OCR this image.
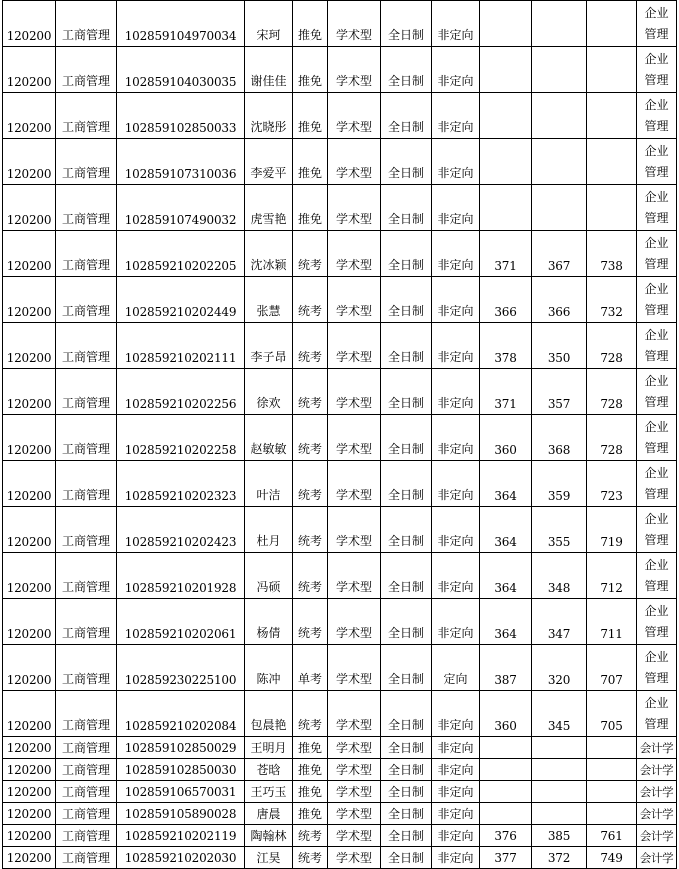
120200	工商管理	102859104970034	宋珂	推免	学术型	全日制	非定向				企业
管理

120200	工商管理	102859104030035	谢佳佳	推免	学术型	全日制	非定向				企业
管理

120200	工商管理	102859102850033	沈晓彤	推免	学术型	全日制	非定向				企业
管理

120200	工商管理	102859107310036	李爱平	推免	学术型	全日制	非定向				企业
管理

120200	工商管理	102859107490032	虎雪艳	推免	学术型	全日制	非定向				企业
管理

120200	工商管理	102859210202205	沈冰颖	统考	学术型	全日制	非定向	371	367	738	企业
管理

120200	工商管理	102859210202449	张慧	统考	学术型	全日制	非定向	366	366	732	企业
管理

120200	工商管理	102859210202111	李子昂	统考	学术型	全日制	非定向	378	350	728	企业
管理

120200	工商管理	102859210202256	徐欢	统考	学术型	全日制	非定向	371	357	728	企业
管理

120200	工商管理	102859210202258	赵敏敏	统考	学术型	全日制	非定向	360	368	728	企业
管理

120200	工商管理	102859210202323	叶洁	统考	学术型	全日制	非定向	364	359	723	企业
管理

120200	工商管理	102859210202423	杜月	统考	学术型	全日制	非定向	364	355	719	企业
管理

120200	工商管理	102859210201928	冯硕	统考	学术型	全日制	非定向	364	348	712	企业
管理

120200	工商管理	102859210202061	杨倩	统考	学术型	全日制	非定向	364	347	711	企业
管理

120200	工商管理	102859230225100	陈冲	单考	学术型	全日制	定向	387	320	707	企业
管理

120200	工商管理	102859210202084	包晨艳	统考	学术型	全日制	非定向	360	345	705	企业
管理

120200	工商管理	102859102850029	王明月	推免	学术型	全日制	非定向				会计学
120200	工商管理	102859102850030	苍晗	推免	学术型	全日制	非定向				会计学
120200	工商管理	102859106570031	王巧玉	推免	学术型	全日制	非定向				会计学
120200	工商管理	102859105890028	唐晨	推免	学术型	全日制	非定向				会计学
120200	工商管理	102859210202119	陶翰林	统考	学术型	全日制	非定向	376	385	761	会计学
120200	工商管理	102859210202030	江昊	统考	学术型	全日制	非定向	377	372	749	会计学
